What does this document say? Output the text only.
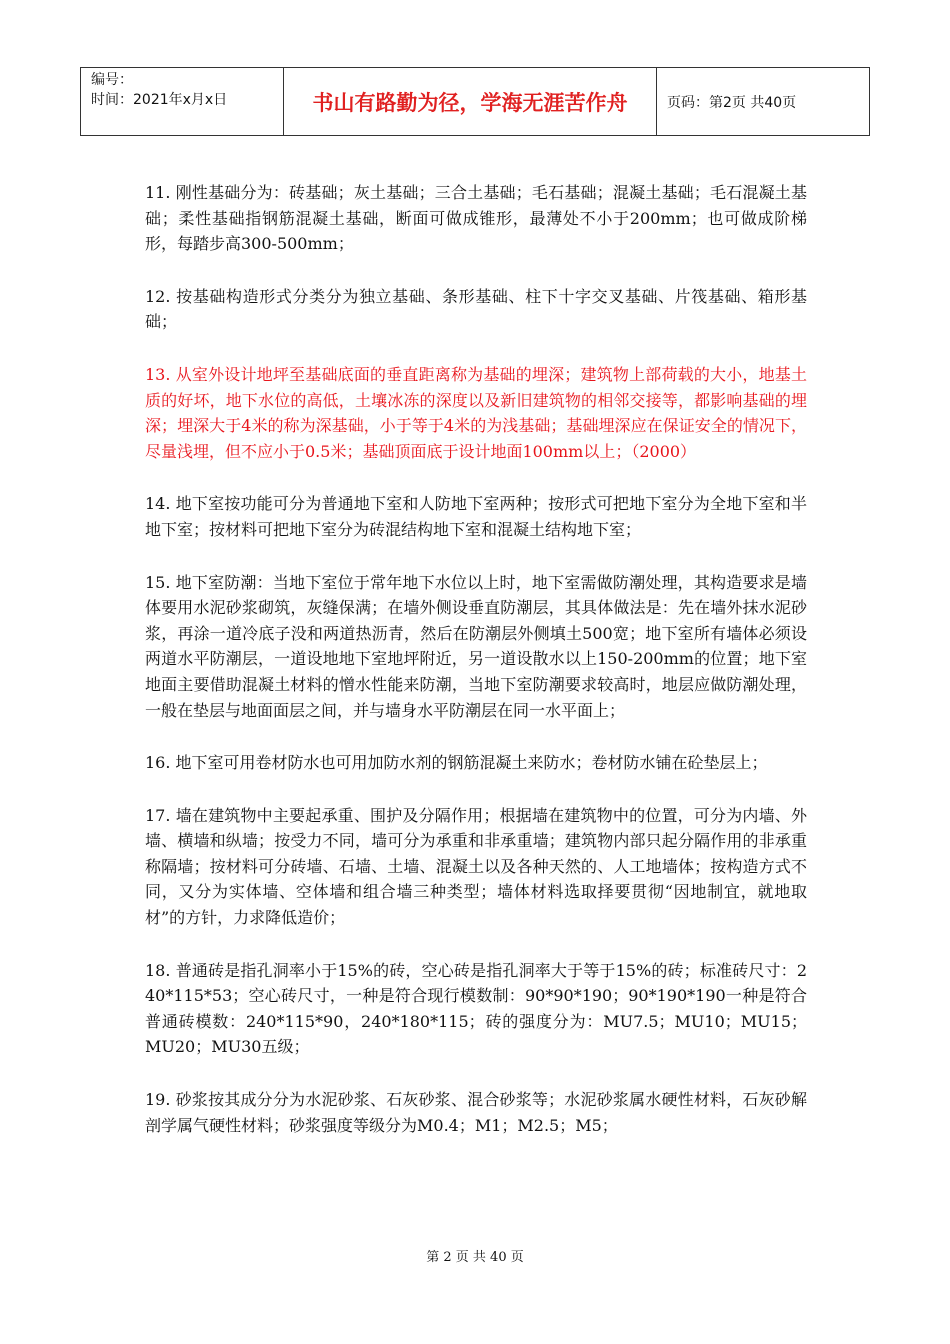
编号：
时间：2021年x月x日	书山有路勤为径，学海无涯苦作舟	页码：第2页 共40页

11. 刚性基础分为：砖基础；灰土基础；三合土基础；毛石基础；混凝土基础；毛石混凝土基础；柔性基础指钢筋混凝土基础，断面可做成锥形，最薄处不小于200mm；也可做成阶梯形，每踏步高300-500mm；

12. 按基础构造形式分类分为独立基础、条形基础、柱下十字交叉基础、片筏基础、箱形基础；

13. 从室外设计地坪至基础底面的垂直距离称为基础的埋深；建筑物上部荷载的大小，地基土质的好坏，地下水位的高低，土壤冰冻的深度以及新旧建筑物的相邻交接等，都影响基础的埋深；埋深大于4米的称为深基础，小于等于4米的为浅基础；基础埋深应在保证安全的情况下，尽量浅埋，但不应小于0.5米；基础顶面底于设计地面100mm以上；（2000）

14. 地下室按功能可分为普通地下室和人防地下室两种；按形式可把地下室分为全地下室和半地下室；按材料可把地下室分为砖混结构地下室和混凝土结构地下室；

15. 地下室防潮：当地下室位于常年地下水位以上时，地下室需做防潮处理，其构造要求是墙体要用水泥砂浆砌筑，灰缝保满；在墙外侧设垂直防潮层，其具体做法是：先在墙外抹水泥砂浆，再涂一道冷底子没和两道热沥青，然后在防潮层外侧填土500宽；地下室所有墙体必须设两道水平防潮层，一道设地地下室地坪附近，另一道设散水以上150-200mm的位置；地下室地面主要借助混凝土材料的憎水性能来防潮，当地下室防潮要求较高时，地层应做防潮处理，一般在垫层与地面面层之间，并与墙身水平防潮层在同一水平面上；

16. 地下室可用卷材防水也可用加防水剂的钢筋混凝土来防水；卷材防水铺在砼垫层上；

17. 墙在建筑物中主要起承重、围护及分隔作用；根据墙在建筑物中的位置，可分为内墙、外墙、横墙和纵墙；按受力不同，墙可分为承重和非承重墙；建筑物内部只起分隔作用的非承重称隔墙；按材料可分砖墙、石墙、土墙、混凝土以及各种天然的、人工地墙体；按构造方式不同，又分为实体墙、空体墙和组合墙三种类型；墙体材料选取择要贯彻“因地制宜，就地取材”的方针，力求降低造价；

18. 普通砖是指孔洞率小于15%的砖，空心砖是指孔洞率大于等于15%的砖；标准砖尺寸：240*115*53；空心砖尺寸，一种是符合现行模数制：90*90*190；90*190*190一种是符合普通砖模数：240*115*90，240*180*115；砖的强度分为：MU7.5；MU10；MU15；MU20；MU30五级；

19. 砂浆按其成分分为水泥砂浆、石灰砂浆、混合砂浆等；水泥砂浆属水硬性材料，石灰砂解剖学属气硬性材料；砂浆强度等级分为M0.4；M1；M2.5；M5；

第 2 页 共 40 页
